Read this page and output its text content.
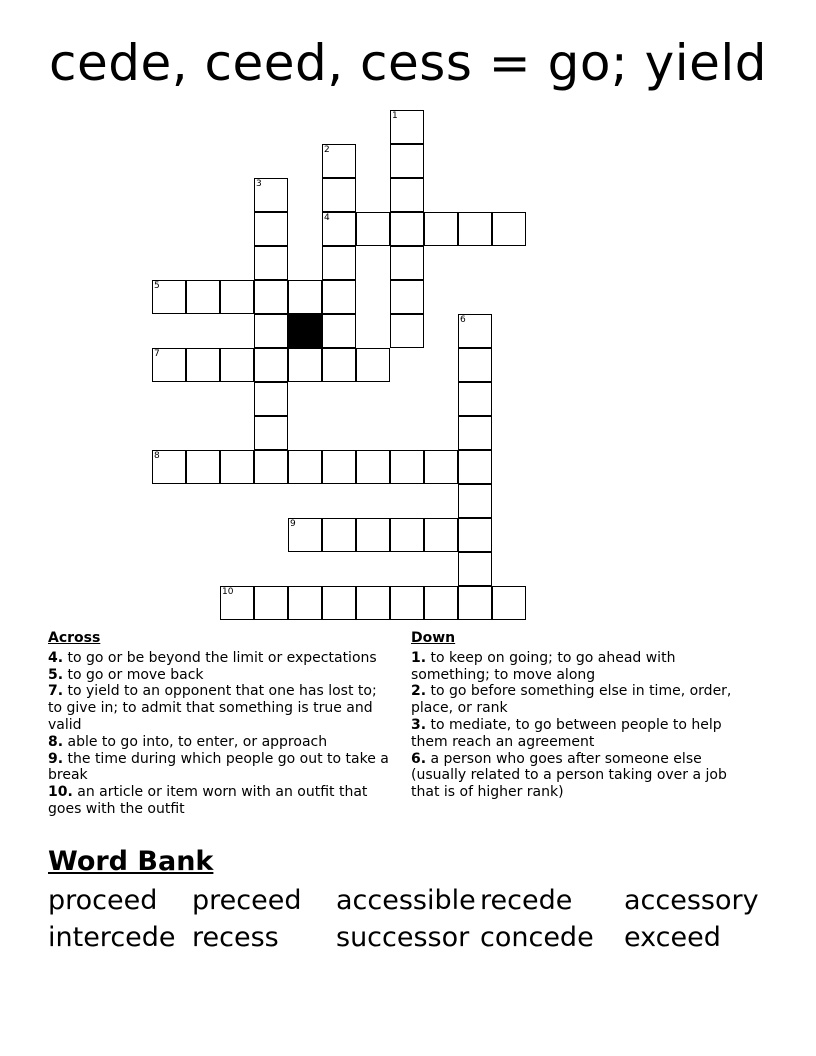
cede, ceed, cess = go; yield
1
2
4
3
5
6
7
8
9
10
Across
4. to go or be beyond the limit or expectations
5. to go or move back
7. to yield to an opponent that one has lost to; to give in; to admit that something is true and valid
8. able to go into, to enter, or approach
9. the time during which people go out to take a break
10. an article or item worn with an outfit that goes with the outfit
Down
1. to keep on going; to go ahead with something; to move along
2. to go before something else in time, order, place, or rank
3. to mediate, to go between people to help them reach an agreement
6. a person who goes after someone else (usually related to a person taking over a job that is of higher rank)
Word Bank
proceed preceed accessible recede accessory
intercede recess successor concede exceed
